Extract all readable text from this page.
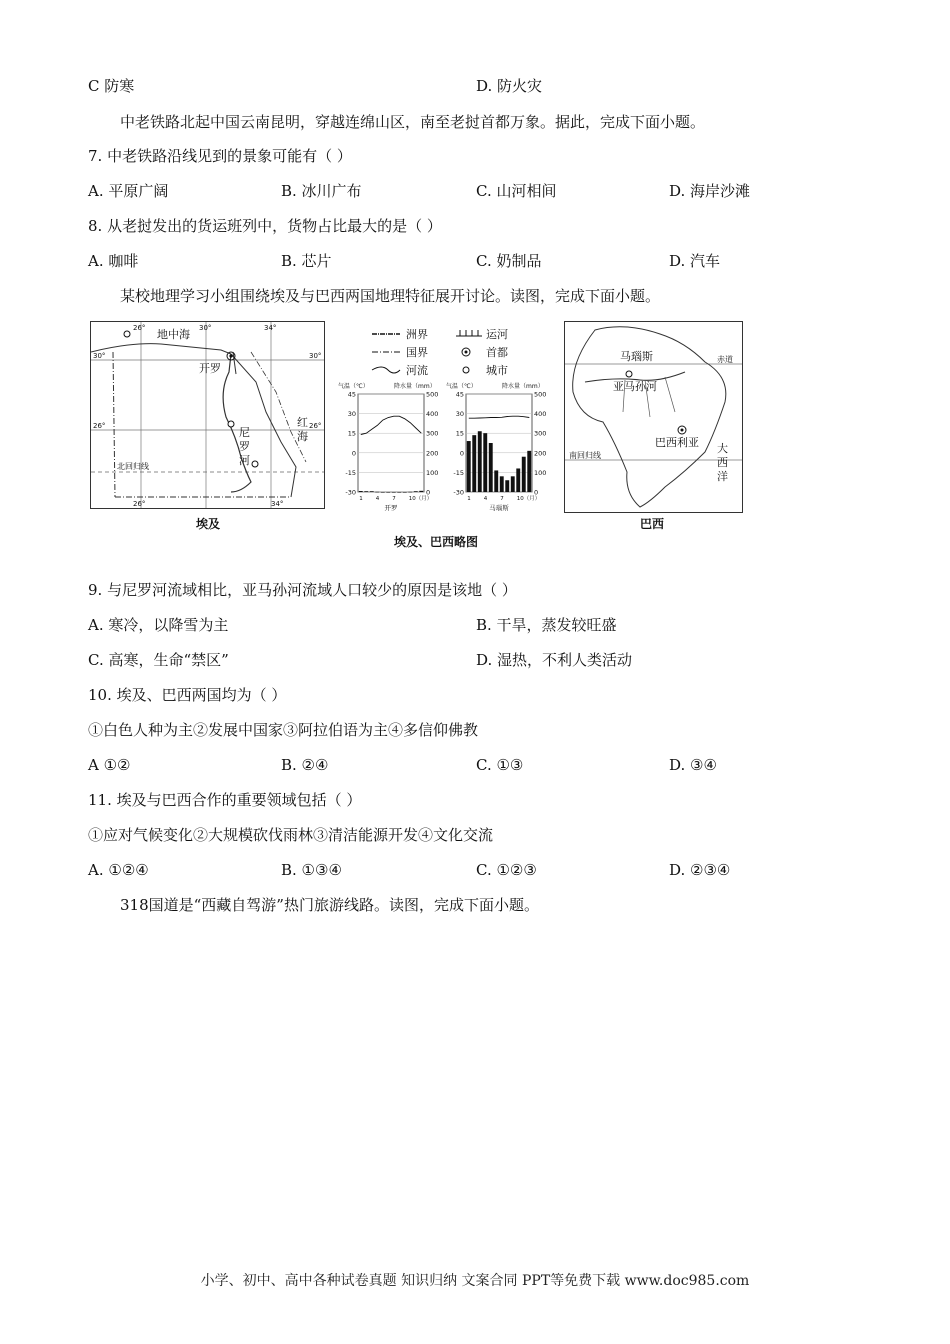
C 防寒	D. 防火灾
中老铁路北起中国云南昆明，穿越连绵山区，南至老挝首都万象。据此，完成下面小题。
7. 中老铁路沿线见到的景象可能有（ ）
A. 平原广阔	B. 冰川广布	C. 山河相间	D. 海岸沙滩
8. 从老挝发出的货运班列中，货物占比最大的是（ ）
A. 咖啡	B. 芯片	C. 奶制品	D. 汽车
某校地理学习小组围绕埃及与巴西两国地理特征展开讨论。读图，完成下面小题。
地中海
开罗
红
海
尼
罗
河
北回归线
26°	30°	34°
26°	34°
30°	30°
26°	26°
埃及
洲界	运河
国界	首都
河流	城市
气温（℃）	降水量（mm）
45
30
15
0
-15
-30
500
400
300
200
100
0
1 4 7 10（月）
开罗
气温（℃）	降水量（mm）
45
30
15
0
-15
-30
500
400
300
200
100
0
1 4 7 10（月）
马瑙斯
马瑙斯
亚马孙河
巴西利亚
赤道
南回归线
大
西
洋
巴西
埃及、巴西略图
9. 与尼罗河流域相比，亚马孙河流域人口较少的原因是该地（ ）
A. 寒冷，以降雪为主	B. 干旱，蒸发较旺盛
C. 高寒，生命“禁区”	D. 湿热，不利人类活动
10. 埃及、巴西两国均为（ ）
①白色人种为主②发展中国家③阿拉伯语为主④多信仰佛教
A ①②	B. ②④	C. ①③	D. ③④
11. 埃及与巴西合作的重要领域包括（ ）
①应对气候变化②大规模砍伐雨林③清洁能源开发④文化交流
A. ①②④	B. ①③④	C. ①②③	D. ②③④
318国道是“西藏自驾游”热门旅游线路。读图，完成下面小题。
小学、初中、高中各种试卷真题 知识归纳 文案合同 PPT等免费下载 www.doc985.com
